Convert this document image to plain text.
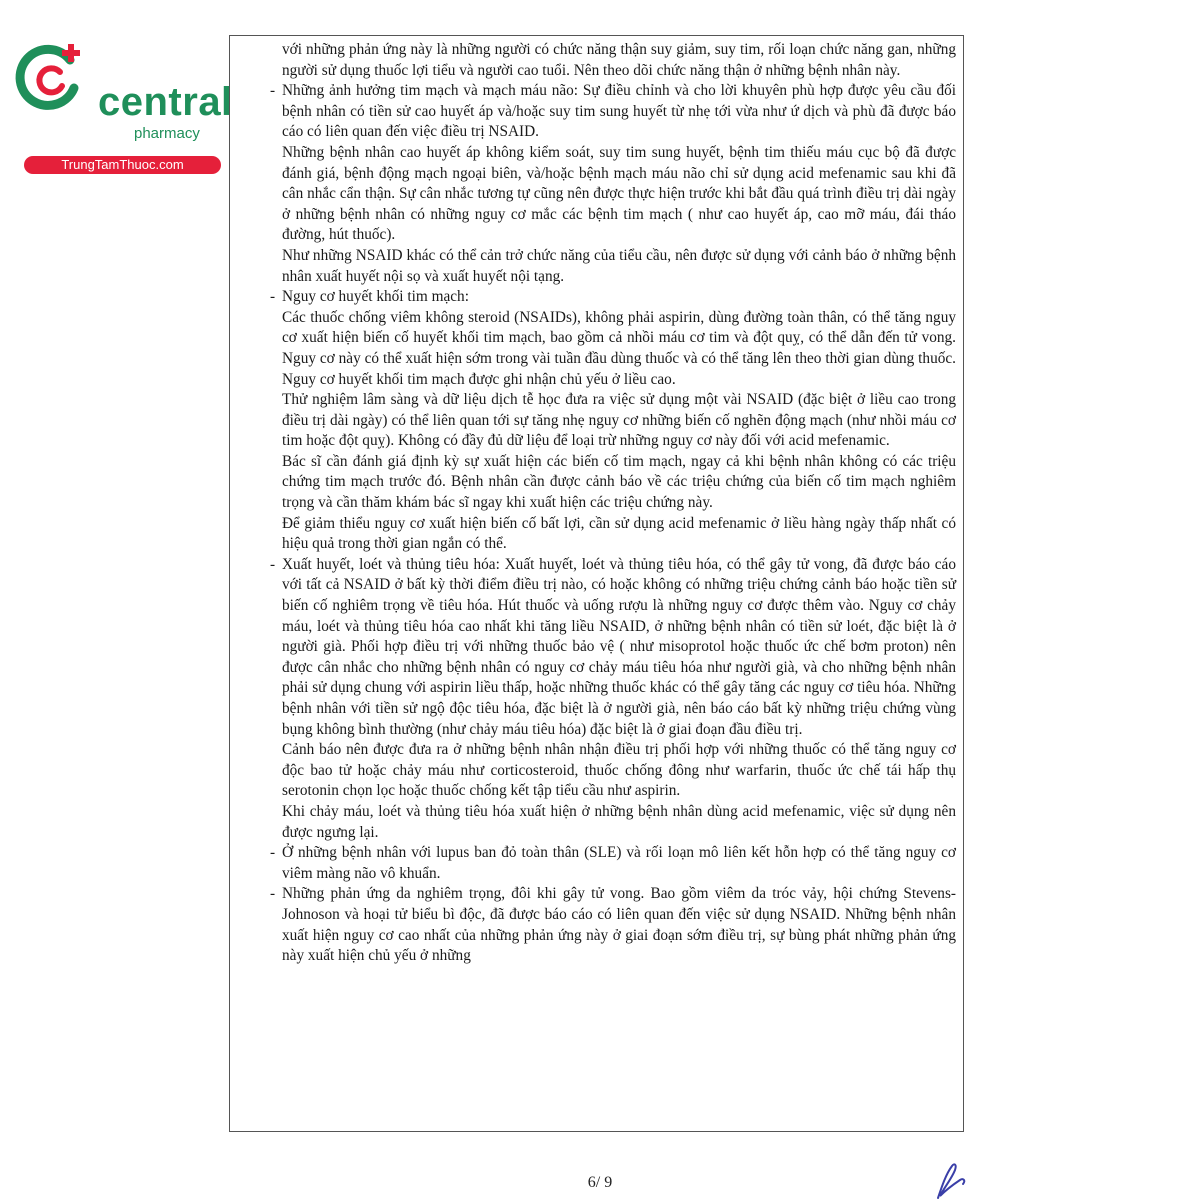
central
pharmacy
TrungTamThuoc.com

với những phản ứng này là những người có chức năng thận suy giảm, suy tim, rối loạn chức năng gan, những người sử dụng thuốc lợi tiểu và người cao tuổi. Nên theo dõi chức năng thận ở những bệnh nhân này.

- Những ảnh hưởng tim mạch và mạch máu não: Sự điều chỉnh và cho lời khuyên phù hợp được yêu cầu đối bệnh nhân có tiền sử cao huyết áp và/hoặc suy tim sung huyết từ nhẹ tới vừa như ứ dịch và phù đã được báo cáo có liên quan đến việc điều trị NSAID.

Những bệnh nhân cao huyết áp không kiểm soát, suy tim sung huyết, bệnh tim thiếu máu cục bộ đã được đánh giá, bệnh động mạch ngoại biên, và/hoặc bệnh mạch máu não chỉ sử dụng acid mefenamic sau khi đã cân nhắc cẩn thận. Sự cân nhắc tương tự cũng nên được thực hiện trước khi bắt đầu quá trình điều trị dài ngày ở những bệnh nhân có những nguy cơ mắc các bệnh tim mạch ( như cao huyết áp, cao mỡ máu, đái tháo đường, hút thuốc).

Như những NSAID khác có thể cản trở chức năng của tiểu cầu, nên được sử dụng với cảnh báo ở những bệnh nhân xuất huyết nội sọ và xuất huyết nội tạng.

- Nguy cơ huyết khối tim mạch:

Các thuốc chống viêm không steroid (NSAIDs), không phải aspirin, dùng đường toàn thân, có thể tăng nguy cơ xuất hiện biến cố huyết khối tim mạch, bao gồm cả nhồi máu cơ tim và đột quỵ, có thể dẫn đến tử vong. Nguy cơ này có thể xuất hiện sớm trong vài tuần đầu dùng thuốc và có thể tăng lên theo thời gian dùng thuốc. Nguy cơ huyết khối tim mạch được ghi nhận chủ yếu ở liều cao.

Thử nghiệm lâm sàng và dữ liệu dịch tễ học đưa ra việc sử dụng một vài NSAID (đặc biệt ở liều cao trong điều trị dài ngày) có thể liên quan tới sự tăng nhẹ nguy cơ những biến cố nghẽn động mạch (như nhồi máu cơ tim hoặc đột quỵ). Không có đầy đủ dữ liệu để loại trừ những nguy cơ này đối với acid mefenamic.

Bác sĩ cần đánh giá định kỳ sự xuất hiện các biến cố tim mạch, ngay cả khi bệnh nhân không có các triệu chứng tim mạch trước đó. Bệnh nhân cần được cảnh báo về các triệu chứng của biến cố tim mạch nghiêm trọng và cần thăm khám bác sĩ ngay khi xuất hiện các triệu chứng này.

Để giảm thiểu nguy cơ xuất hiện biến cố bất lợi, cần sử dụng acid mefenamic ở liều hàng ngày thấp nhất có hiệu quả trong thời gian ngắn có thể.

- Xuất huyết, loét và thủng tiêu hóa: Xuất huyết, loét và thủng tiêu hóa, có thể gây tử vong, đã được báo cáo với tất cả NSAID ở bất kỳ thời điểm điều trị nào, có hoặc không có những triệu chứng cảnh báo hoặc tiền sử biến cố nghiêm trọng về tiêu hóa. Hút thuốc và uống rượu là những nguy cơ được thêm vào. Nguy cơ chảy máu, loét và thủng tiêu hóa cao nhất khi tăng liều NSAID, ở những bệnh nhân có tiền sử loét, đặc biệt là ở người già. Phối hợp điều trị với những thuốc bảo vệ ( như misoprotol hoặc thuốc ức chế bơm proton) nên được cân nhắc cho những bệnh nhân có nguy cơ chảy máu tiêu hóa như người già, và cho những bệnh nhân phải sử dụng chung với aspirin liều thấp, hoặc những thuốc khác có thể gây tăng các nguy cơ tiêu hóa. Những bệnh nhân với tiền sử ngộ độc tiêu hóa, đặc biệt là ở người già, nên báo cáo bất kỳ những triệu chứng vùng bụng không bình thường (như chảy máu tiêu hóa) đặc biệt là ở giai đoạn đầu điều trị.

Cảnh báo nên được đưa ra ở những bệnh nhân nhận điều trị phối hợp với những thuốc có thể tăng nguy cơ độc bao tử hoặc chảy máu như corticosteroid, thuốc chống đông như warfarin, thuốc ức chế tái hấp thụ serotonin chọn lọc hoặc thuốc chống kết tập tiểu cầu như aspirin.

Khi chảy máu, loét và thủng tiêu hóa xuất hiện ở những bệnh nhân dùng acid mefenamic, việc sử dụng nên được ngưng lại.

- Ở những bệnh nhân với lupus ban đỏ toàn thân (SLE) và rối loạn mô liên kết hỗn hợp có thể tăng nguy cơ viêm màng não vô khuẩn.

- Những phản ứng da nghiêm trọng, đôi khi gây tử vong. Bao gồm viêm da tróc vảy, hội chứng Stevens-Johnoson và hoại tử biểu bì độc, đã được báo cáo có liên quan đến việc sử dụng NSAID. Những bệnh nhân xuất hiện nguy cơ cao nhất của những phản ứng này ở giai đoạn sớm điều trị, sự bùng phát những phản ứng này xuất hiện chủ yếu ở những

6/ 9
